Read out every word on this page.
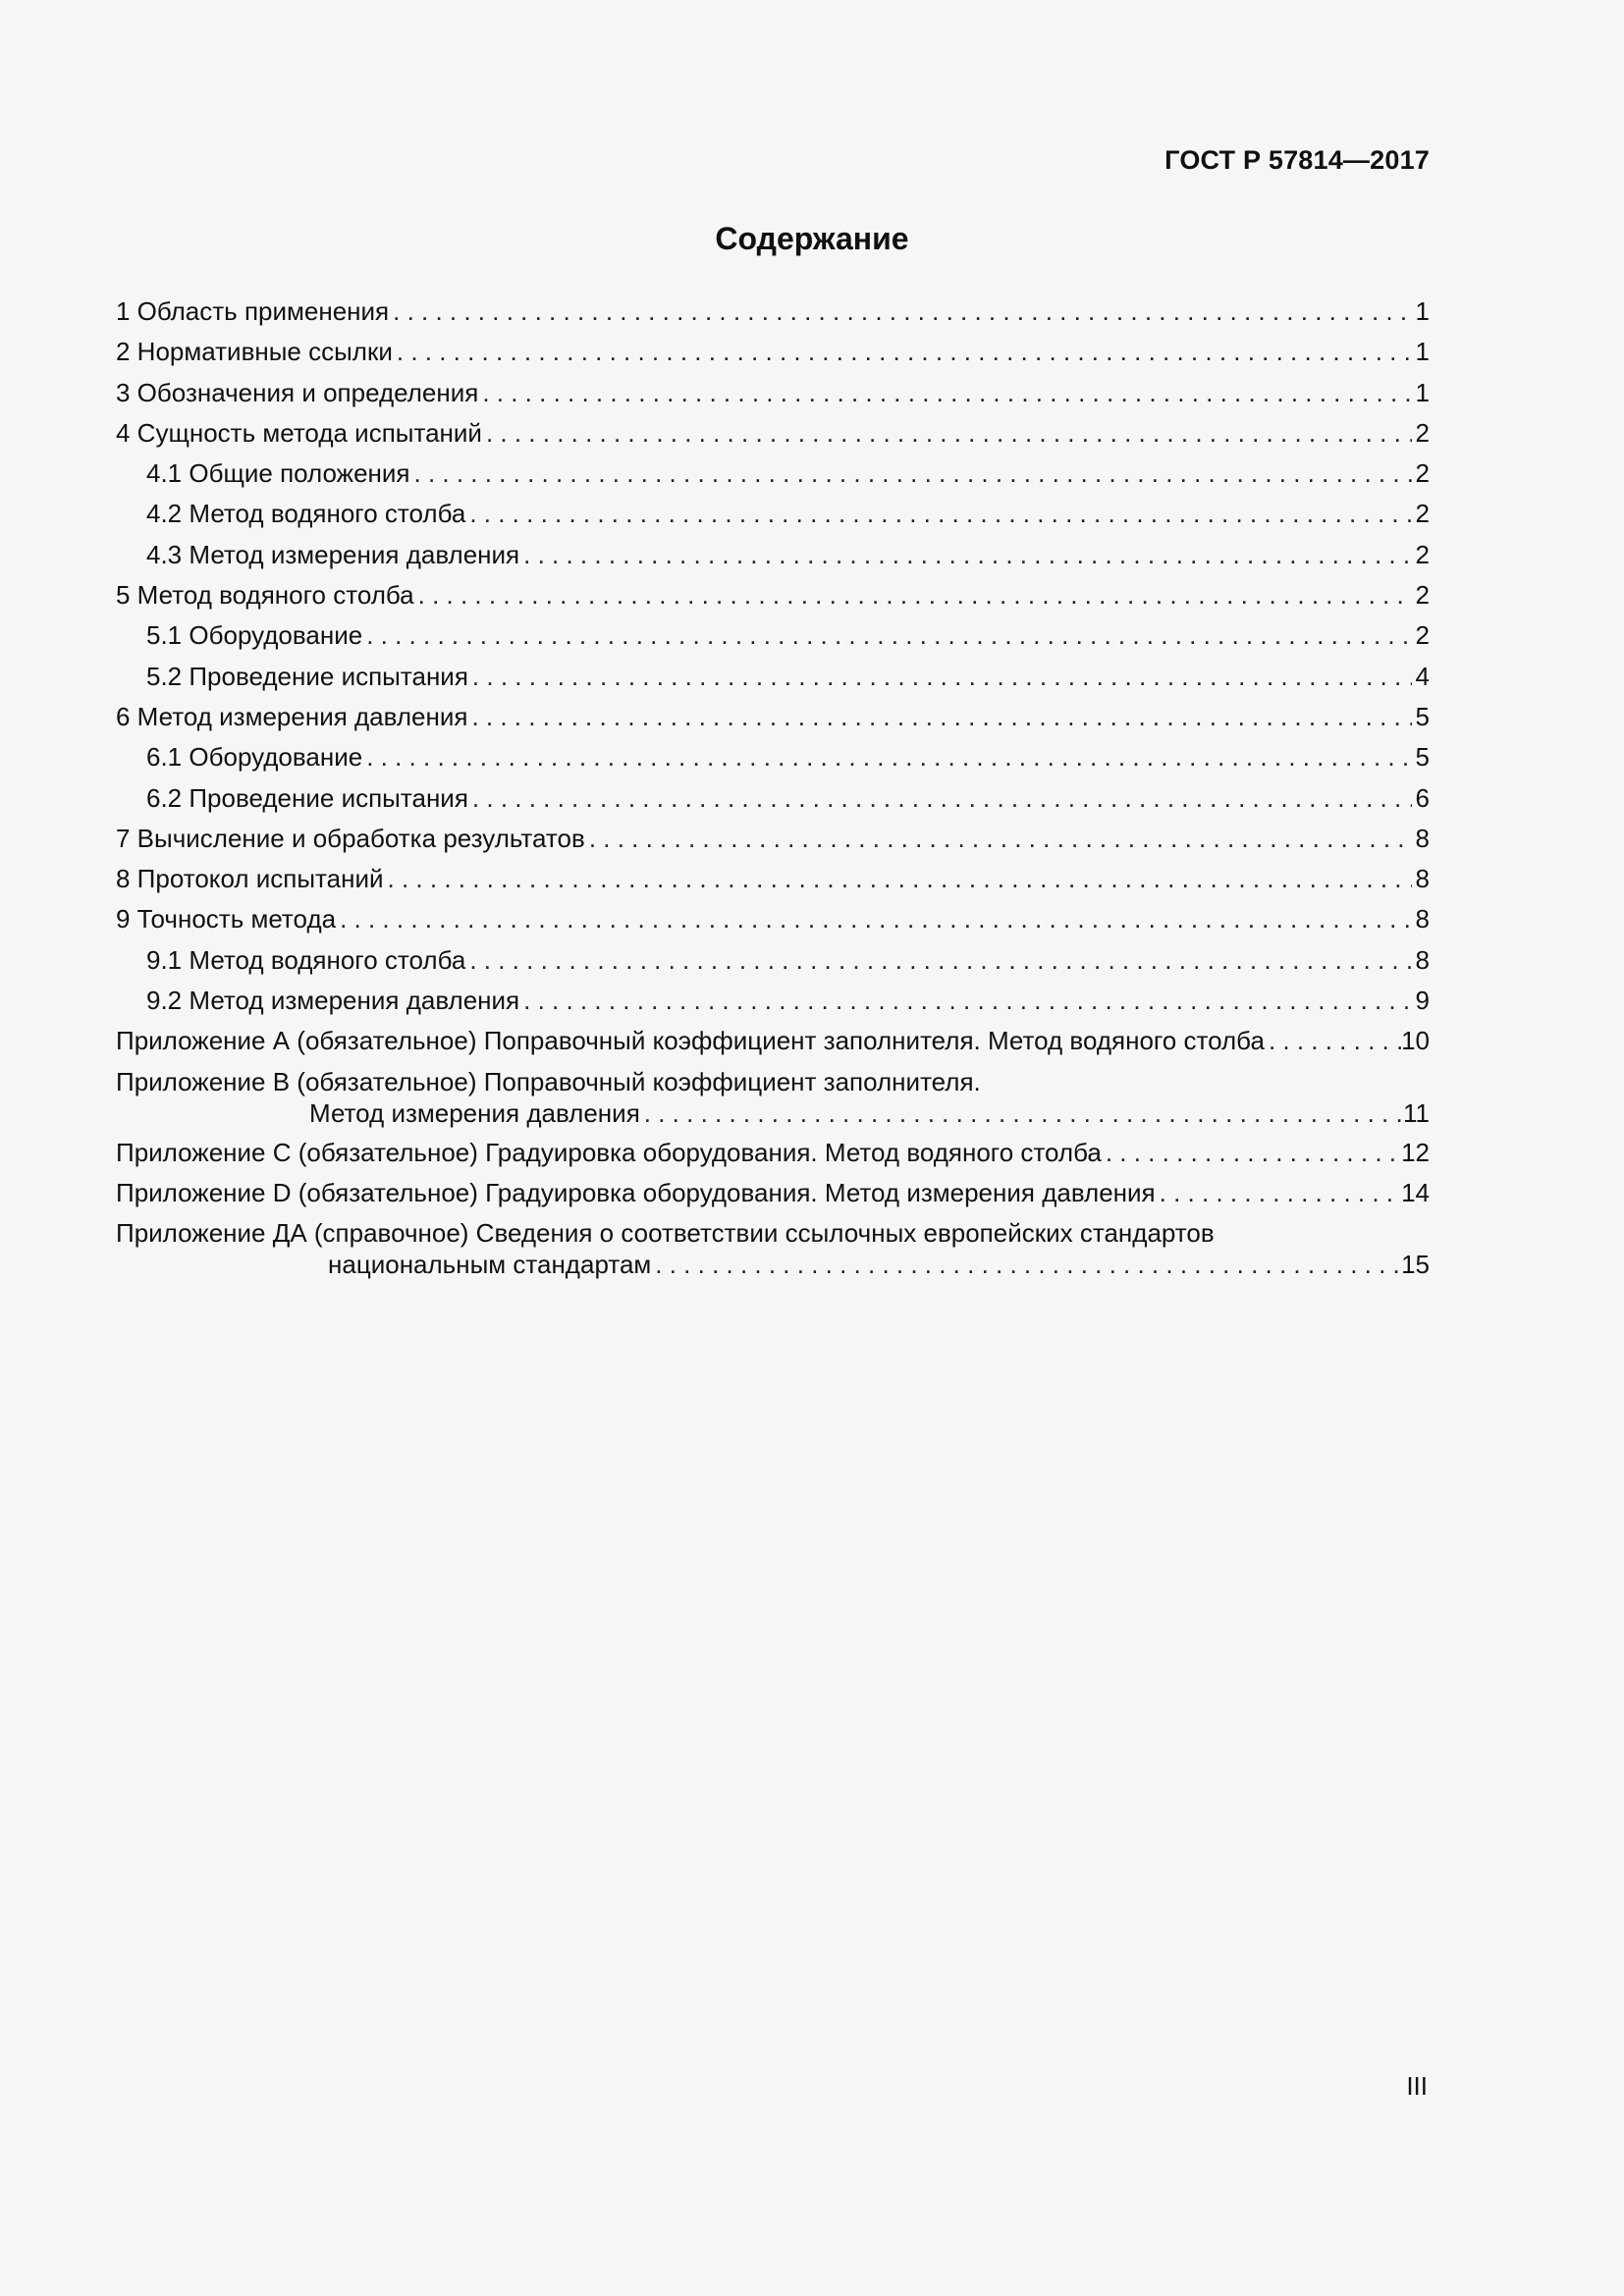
ГОСТ Р 57814—2017
Содержание
1 Область применения . . .	1
2 Нормативные ссылки . . .	1
3 Обозначения и определения . . .	1
4 Сущность метода испытаний . . .	2
4.1 Общие положения . . .	2
4.2 Метод водяного столба . . .	2
4.3 Метод измерения давления . . .	2
5 Метод водяного столба . . .	2
5.1 Оборудование . . .	2
5.2 Проведение испытания . . .	4
6 Метод измерения давления . . .	5
6.1 Оборудование . . .	5
6.2 Проведение испытания . . .	6
7 Вычисление и обработка результатов . . .	8
8 Протокол испытаний . . .	8
9 Точность метода . . .	8
9.1 Метод водяного столба . . .	8
9.2 Метод измерения давления . . .	9
Приложение А (обязательное) Поправочный коэффициент заполнителя. Метод водяного столба . . .	10
Приложение В (обязательное) Поправочный коэффициент заполнителя.
Метод измерения давления . . .	11
Приложение С (обязательное) Градуировка оборудования. Метод водяного столба . . .	12
Приложение D (обязательное) Градуировка оборудования. Метод измерения давления . . .	14
Приложение ДА (справочное) Сведения о соответствии ссылочных европейских стандартов
национальным стандартам . . .	15
III
